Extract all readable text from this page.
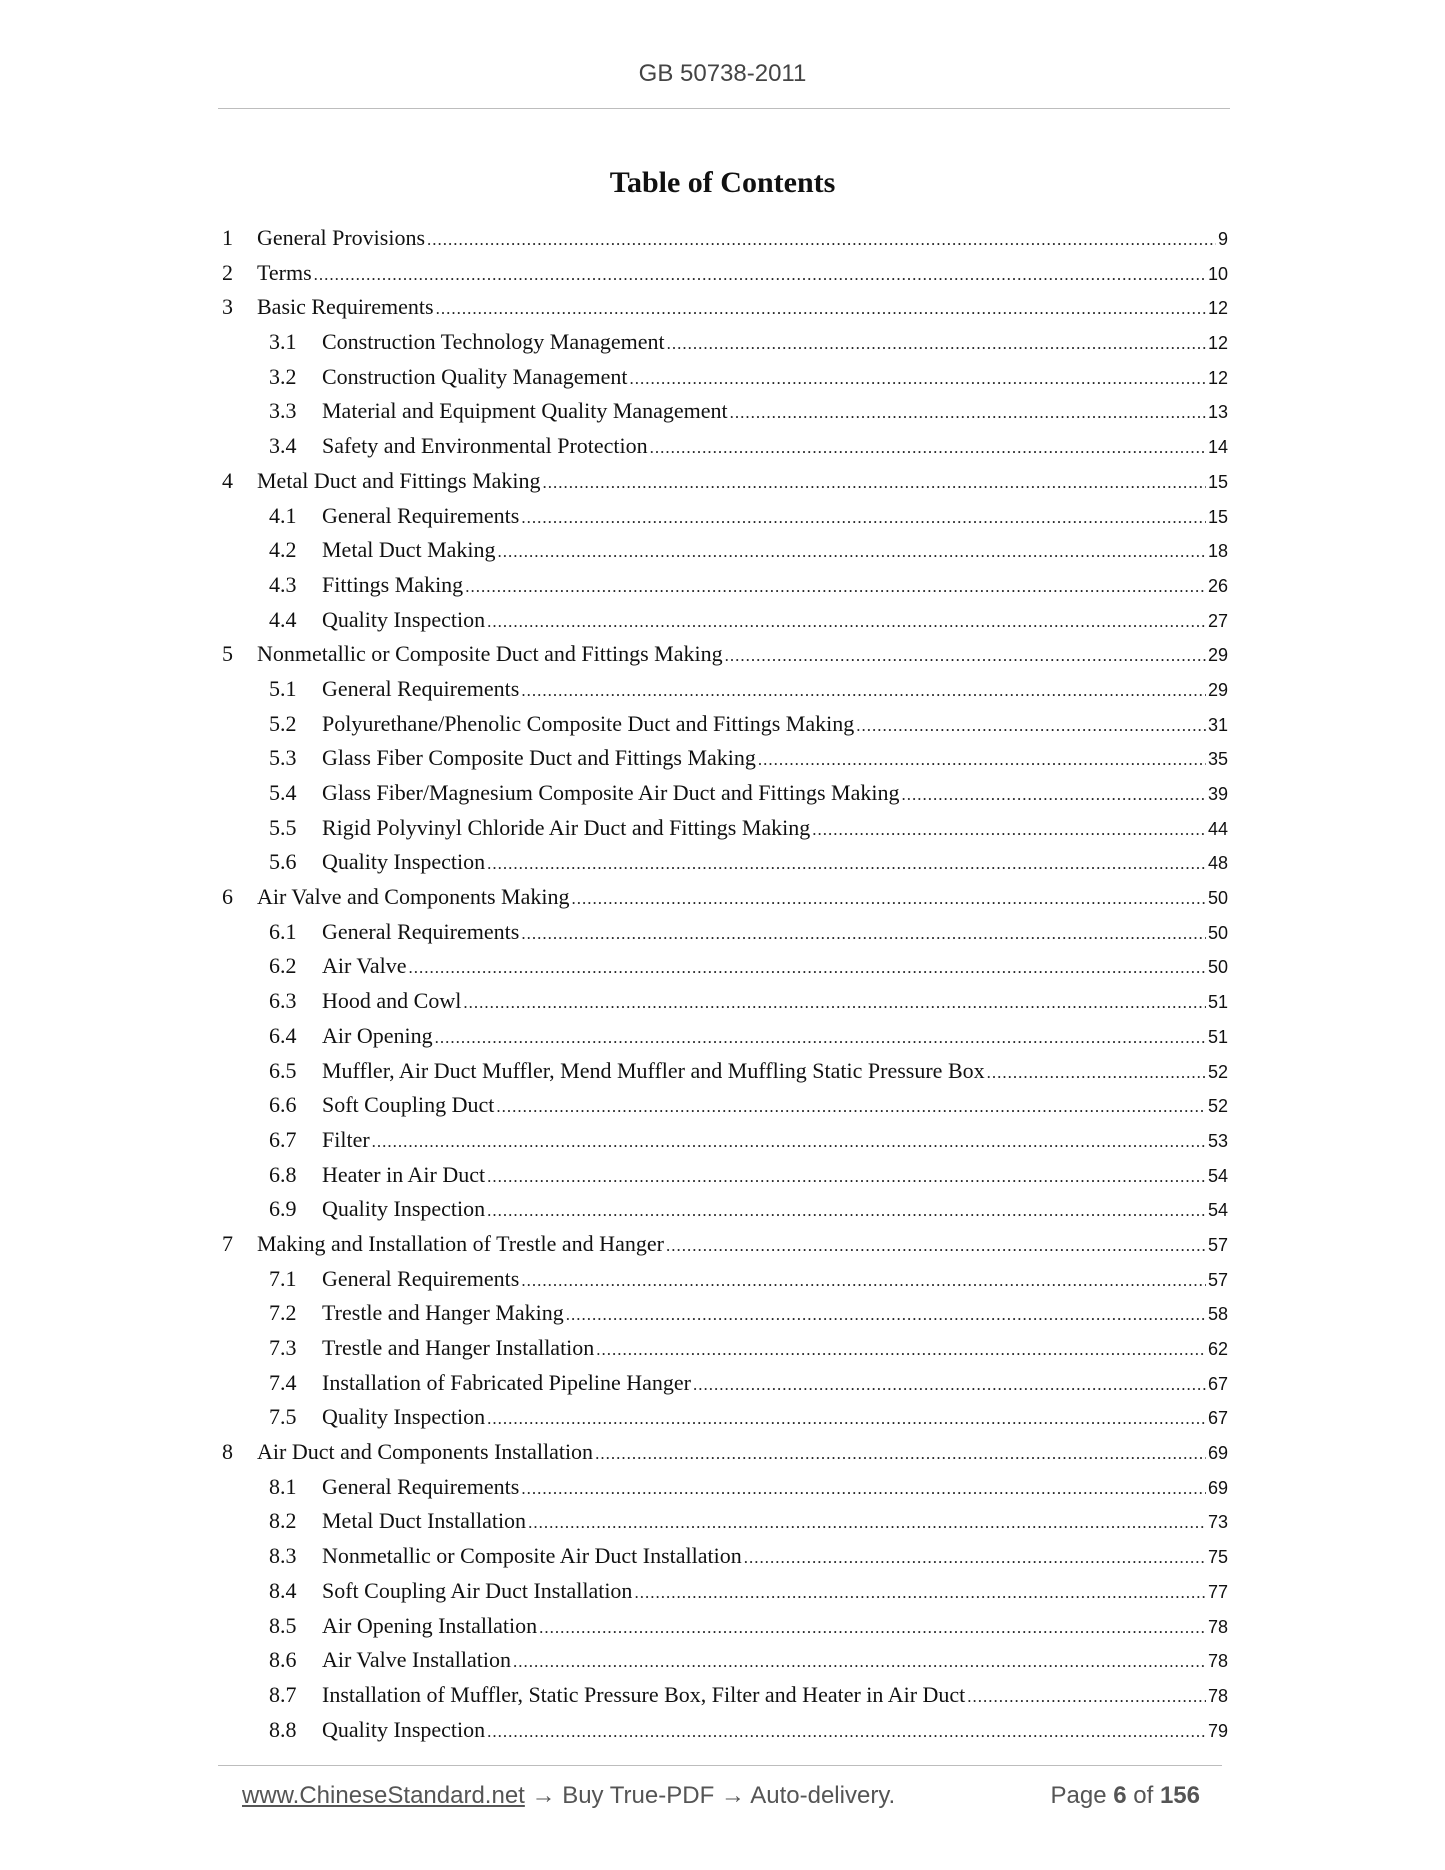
GB 50738-2011
Table of Contents
1 General Provisions .....	9
2 Terms .....	10
3 Basic Requirements .....	12
3.1 Construction Technology Management .....	12
3.2 Construction Quality Management .....	12
3.3 Material and Equipment Quality Management .....	13
3.4 Safety and Environmental Protection .....	14
4 Metal Duct and Fittings Making .....	15
4.1 General Requirements .....	15
4.2 Metal Duct Making .....	18
4.3 Fittings Making .....	26
4.4 Quality Inspection .....	27
5 Nonmetallic or Composite Duct and Fittings Making .....	29
5.1 General Requirements .....	29
5.2 Polyurethane/Phenolic Composite Duct and Fittings Making .....	31
5.3 Glass Fiber Composite Duct and Fittings Making .....	35
5.4 Glass Fiber/Magnesium Composite Air Duct and Fittings Making .....	39
5.5 Rigid Polyvinyl Chloride Air Duct and Fittings Making .....	44
5.6 Quality Inspection .....	48
6 Air Valve and Components Making .....	50
6.1 General Requirements .....	50
6.2 Air Valve .....	50
6.3 Hood and Cowl .....	51
6.4 Air Opening .....	51
6.5 Muffler, Air Duct Muffler, Mend Muffler and Muffling Static Pressure Box .....	52
6.6 Soft Coupling Duct .....	52
6.7 Filter .....	53
6.8 Heater in Air Duct .....	54
6.9 Quality Inspection .....	54
7 Making and Installation of Trestle and Hanger .....	57
7.1 General Requirements .....	57
7.2 Trestle and Hanger Making .....	58
7.3 Trestle and Hanger Installation .....	62
7.4 Installation of Fabricated Pipeline Hanger .....	67
7.5 Quality Inspection .....	67
8 Air Duct and Components Installation .....	69
8.1 General Requirements .....	69
8.2 Metal Duct Installation .....	73
8.3 Nonmetallic or Composite Air Duct Installation .....	75
8.4 Soft Coupling Air Duct Installation .....	77
8.5 Air Opening Installation .....	78
8.6 Air Valve Installation .....	78
8.7 Installation of Muffler, Static Pressure Box, Filter and Heater in Air Duct .....	78
8.8 Quality Inspection .....	79
www.ChineseStandard.net → Buy True-PDF → Auto-delivery.	Page 6 of 156
